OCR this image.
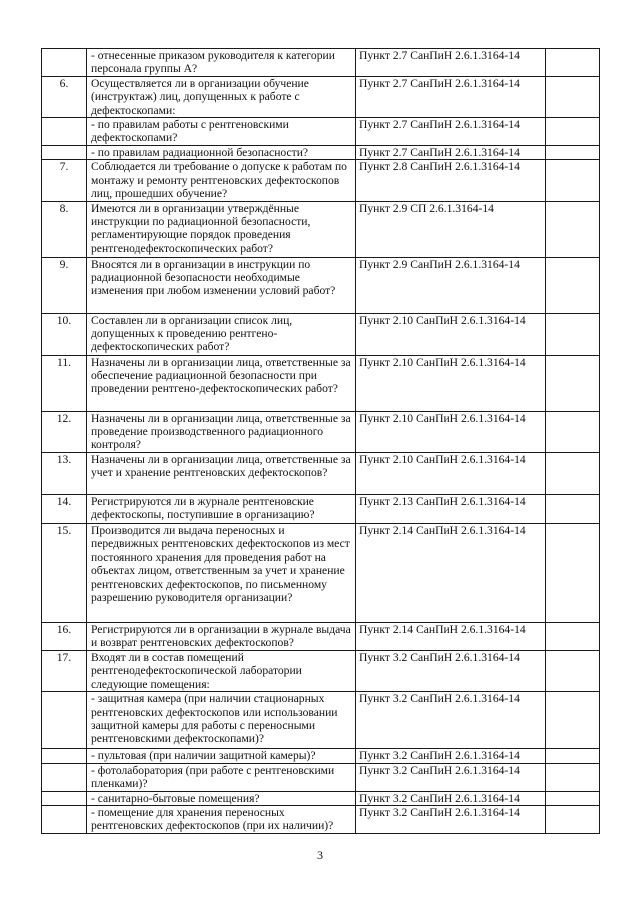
	- отнесенные приказом руководителя к категории персонала группы А?	Пункт 2.7 СанПиН 2.6.1.3164-14	
6.	Осуществляется ли в организации обучение (инструктаж) лиц, допущенных к работе с дефектоскопами:	Пункт 2.7 СанПиН 2.6.1.3164-14	
	- по правилам работы с рентгеновскими дефектоскопами?	Пункт 2.7 СанПиН 2.6.1.3164-14	
	- по правилам радиационной безопасности?	Пункт 2.7 СанПиН 2.6.1.3164-14	
7.	Соблюдается ли требование о допуске к работам по монтажу и ремонту рентгеновских дефектоскопов лиц, прошедших обучение?	Пункт 2.8 СанПиН 2.6.1.3164-14	
8.	Имеются ли в организации утверждённые инструкции по радиационной безопасности, регламентирующие порядок проведения рентгенодефектоскопических работ?	Пункт 2.9 СП 2.6.1.3164-14	
9.	Вносятся ли в организации в инструкции по радиационной безопасности необходимые изменения при любом изменении условий работ?	Пункт 2.9 СанПиН 2.6.1.3164-14	
10.	Составлен ли в организации список лиц, допущенных к проведению рентгено-дефектоскопических работ?	Пункт 2.10 СанПиН 2.6.1.3164-14	
11.	Назначены ли в организации лица, ответственные за обеспечение радиационной безопасности при проведении рентгено-дефектоскопических работ?	Пункт 2.10 СанПиН 2.6.1.3164-14	
12.	Назначены ли в организации лица, ответственные за проведение производственного радиационного контроля?	Пункт 2.10 СанПиН 2.6.1.3164-14	
13.	Назначены ли в организации лица, ответственные за учет и хранение рентгеновских дефектоскопов?	Пункт 2.10 СанПиН 2.6.1.3164-14	
14.	Регистрируются ли в журнале рентгеновские дефектоскопы, поступившие в организацию?	Пункт 2.13 СанПиН 2.6.1.3164-14	
15.	Производится ли выдача переносных и передвижных рентгеновских дефектоскопов из мест постоянного хранения для проведения работ на объектах лицом, ответственным за учет и хранение рентгеновских дефектоскопов, по письменному разрешению руководителя организации?	Пункт 2.14 СанПиН 2.6.1.3164-14	
16.	Регистрируются ли в организации в журнале выдача и возврат рентгеновских дефектоскопов?	Пункт 2.14 СанПиН 2.6.1.3164-14	
17.	Входят ли в состав помещений рентгенодефектоскопической лаборатории следующие помещения:	Пункт 3.2 СанПиН 2.6.1.3164-14	
	- защитная камера (при наличии стационарных рентгеновских дефектоскопов или использовании защитной камеры для работы с переносными рентгеновскими дефектоскопами)?	Пункт 3.2 СанПиН 2.6.1.3164-14	
	- пультовая (при наличии защитной камеры)?	Пункт 3.2 СанПиН 2.6.1.3164-14	
	- фотолаборатория (при работе с рентгеновскими пленками)?	Пункт 3.2 СанПиН 2.6.1.3164-14	
	- санитарно-бытовые помещения?	Пункт 3.2 СанПиН 2.6.1.3164-14	
	- помещение для хранения переносных рентгеновских дефектоскопов (при их наличии)?	Пункт 3.2 СанПиН 2.6.1.3164-14	
3
